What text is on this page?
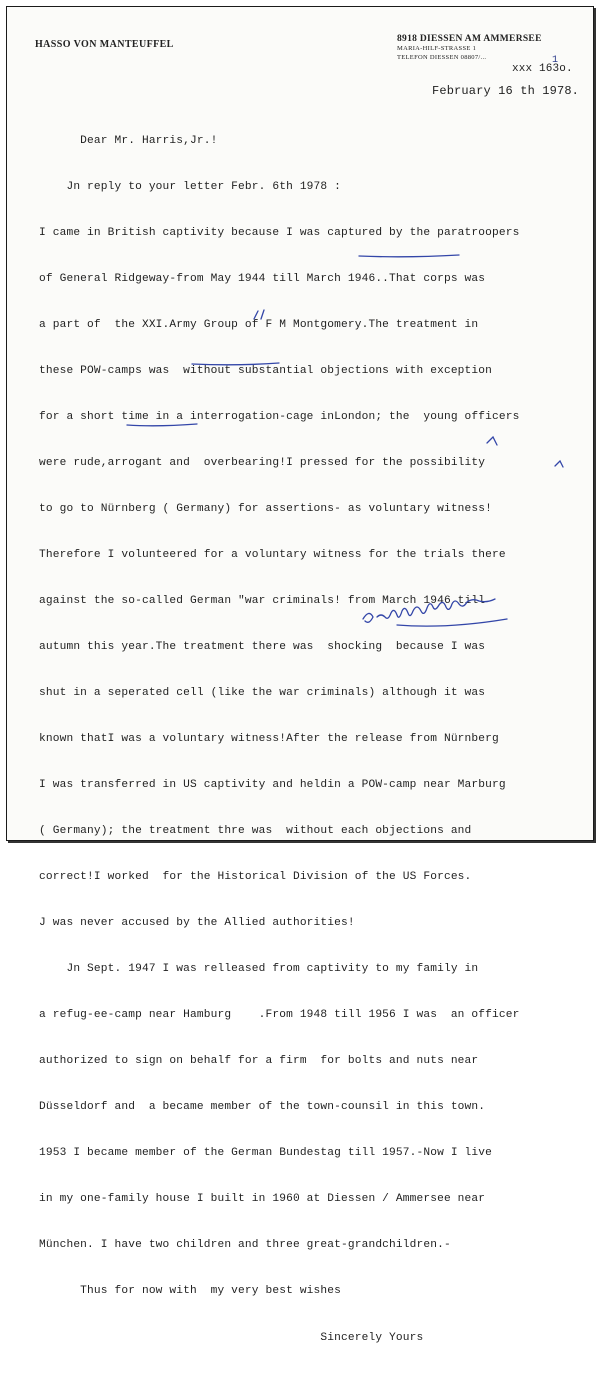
HASSO VON MANTEUFFEL	8918 DIESSEN AM AMMERSEE
MARIA-HILF-STRASSE 1
TELEFON DIESSEN 08807/...	1
xxx 163o.
February 16 th 1978.

Dear Mr. Harris,Jr.!

Jn reply to your letter Febr. 6th 1978 :

I came in British captivity because I was captured by the paratroopers

of General Ridgeway-from May 1944 till March 1946..That corps was

a part of  the XXI.Army Group of F M Montgomery.The treatment in

these POW-camps was  without substantial objections with exception

for a short time in a interrogation-cage inLondon; the  young officers

were rude,arrogant and  overbearing!I pressed for the possibility

to go to Nürnberg ( Germany) for assertions- as voluntary witness!

Therefore I volunteered for a voluntary witness for the trials there

against the so-called German "war criminals! from March 1946 till

autumn this year.The treatment there was  shocking  because I was

shut in a seperated cell (like the war criminals) although it was

known thatI was a voluntary witness!After the release from Nürnberg

I was transferred in US captivity and heldin a POW-camp near Marburg

( Germany); the treatment thre was  without each objections and

correct!I worked  for the Historical Division of the US Forces.

J was never accused by the Allied authorities!

Jn Sept. 1947 I was relleased from captivity to my family in

a refug-ee-camp near Hamburg    .From 1948 till 1956 I was  an officer

authorized to sign on behalf for a firm  for bolts and nuts near

Düsseldorf and  a became member of the town-counsil in this town.

1953 I became member of the German Bundestag till 1957.-Now I live

in my one-family house I built in 1960 at Diessen / Ammersee near

München. I have two children and three great-grandchildren.-

Thus for now with  my very best wishes

Sincerely Yours
